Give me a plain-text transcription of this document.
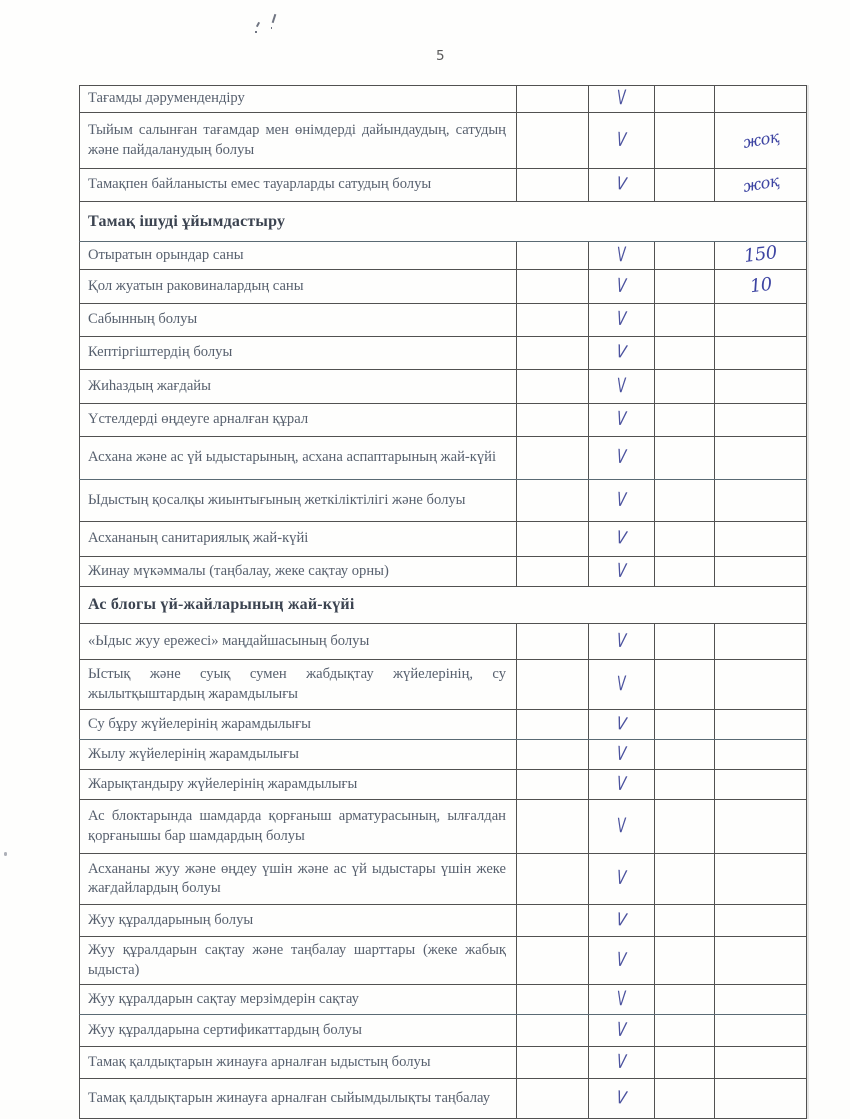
5
Тағамды дәрумендендіру		V		
Тыйым салынған тағамдар мен өнімдерді дайындаудың, сатудың және пайдаланудың болуы		V		жоқ
Тамақпен байланысты емес тауарларды сатудың болуы		V		жоқ
Тамақ ішуді ұйымдастыру				
Отыратын орындар саны		V		150
Қол жуатын раковиналардың саны		V		10
Сабынның болуы		V		
Кептіргіштердің болуы		V		
Жиһаздың жағдайы		V		
Үстелдерді өңдеуге арналған құрал		V		
Асхана және ас үй ыдыстарының, асхана аспаптарының жай-күйі		V		
Ыдыстың қосалқы жиынтығының жеткіліктілігі және болуы		V		
Асхананың санитариялық жай-күйі		V		
Жинау мүкәммалы (таңбалау, жеке сақтау орны)		V		
Ас блогы үй-жайларының жай-күйі				
«Ыдыс жуу ережесі» маңдайшасының болуы		V		
Ыстық және суық сумен жабдықтау жүйелерінің, су жылытқыштардың жарамдылығы		V		
Су бұру жүйелерінің жарамдылығы		V		
Жылу жүйелерінің жарамдылығы		V		
Жарықтандыру жүйелерінің жарамдылығы		V		
Ас блоктарында шамдарда қорғаныш арматурасының, ылғалдан қорғанышы бар шамдардың болуы		V		
Асхананы жуу және өңдеу үшін және ас үй ыдыстары үшін жеке жағдайлардың болуы		V		
Жуу құралдарының болуы		V		
Жуу құралдарын сақтау және таңбалау шарттары (жеке жабық ыдыста)		V		
Жуу құралдарын сақтау мерзімдерін сақтау		V		
Жуу құралдарына сертификаттардың болуы		V		
Тамақ қалдықтарын жинауға арналған ыдыстың болуы		V		
Тамақ қалдықтарын жинауға арналған сыйымдылықты таңбалау		V		
